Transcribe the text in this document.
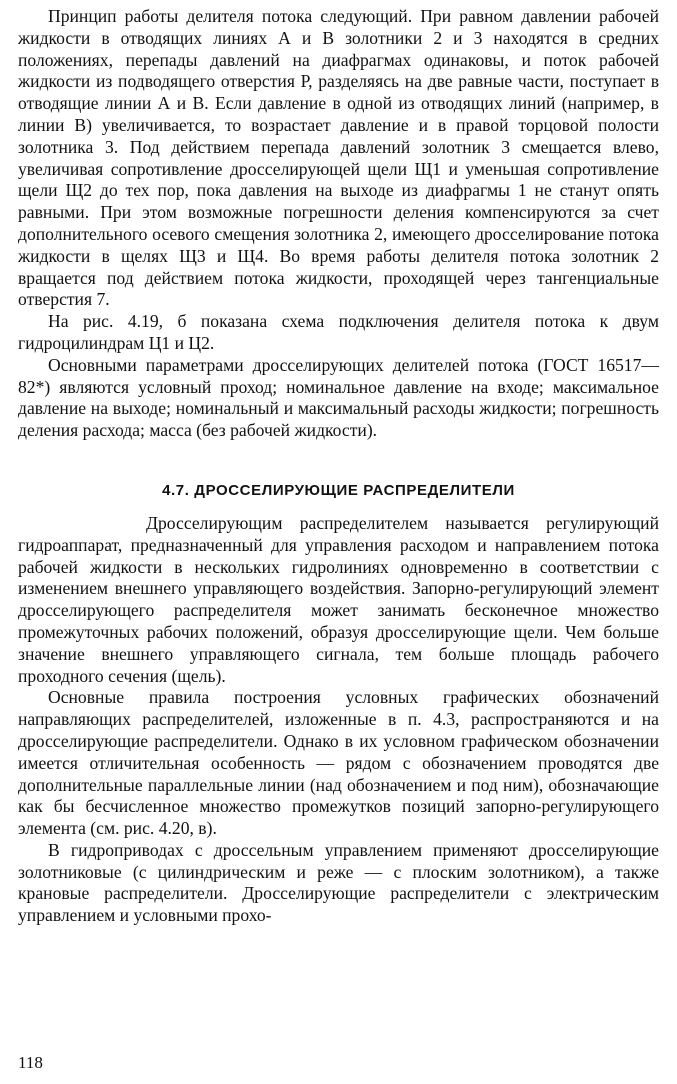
Принцип работы делителя потока следующий. При равном давлении рабочей жидкости в отводящих линиях А и В золотники 2 и 3 находятся в средних положениях, перепады давлений на диафрагмах одинаковы, и поток рабочей жидкости из подводящего отверстия Р, разделяясь на две равные части, поступает в отводящие линии А и В. Если давление в одной из отводящих линий (например, в линии В) увеличивается, то возрастает давление и в правой торцовой полости золотника 3. Под действием перепада давлений золотник 3 смещается влево, увеличивая сопротивление дросселирующей щели Щ1 и уменьшая сопротивление щели Щ2 до тех пор, пока давления на выходе из диафрагмы 1 не станут опять равными. При этом возможные погрешности деления компенсируются за счет дополнительного осевого смещения золотника 2, имеющего дросселирование потока жидкости в щелях Щ3 и Щ4. Во время работы делителя потока золотник 2 вращается под действием потока жидкости, проходящей через тангенциальные отверстия 7.

На рис. 4.19, б показана схема подключения делителя потока к двум гидроцилиндрам Ц1 и Ц2.

Основными параметрами дросселирующих делителей потока (ГОСТ 16517—82*) являются условный проход; номинальное давление на входе; максимальное давление на выходе; номинальный и максимальный расходы жидкости; погрешность деления расхода; масса (без рабочей жидкости).

4.7. ДРОССЕЛИРУЮЩИЕ РАСПРЕДЕЛИТЕЛИ

Дросселирующим распределителем называется регулирующий гидроаппарат, предназначенный для управления расходом и направлением потока рабочей жидкости в нескольких гидролиниях одновременно в соответствии с изменением внешнего управляющего воздействия. Запорно-регулирующий элемент дросселирующего распределителя может занимать бесконечное множество промежуточных рабочих положений, образуя дросселирующие щели. Чем больше значение внешнего управляющего сигнала, тем больше площадь рабочего проходного сечения (щель).

Основные правила построения условных графических обозначений направляющих распределителей, изложенные в п. 4.3, распространяются и на дросселирующие распределители. Однако в их условном графическом обозначении имеется отличительная особенность — рядом с обозначением проводятся две дополнительные параллельные линии (над обозначением и под ним), обозначающие как бы бесчисленное множество промежутков позиций запорно-регулирующего элемента (см. рис. 4.20, в).

В гидроприводах с дроссельным управлением применяют дросселирующие золотниковые (с цилиндрическим и реже — с плоским золотником), а также крановые распределители. Дросселирующие распределители с электрическим управлением и условными прохо-

118
